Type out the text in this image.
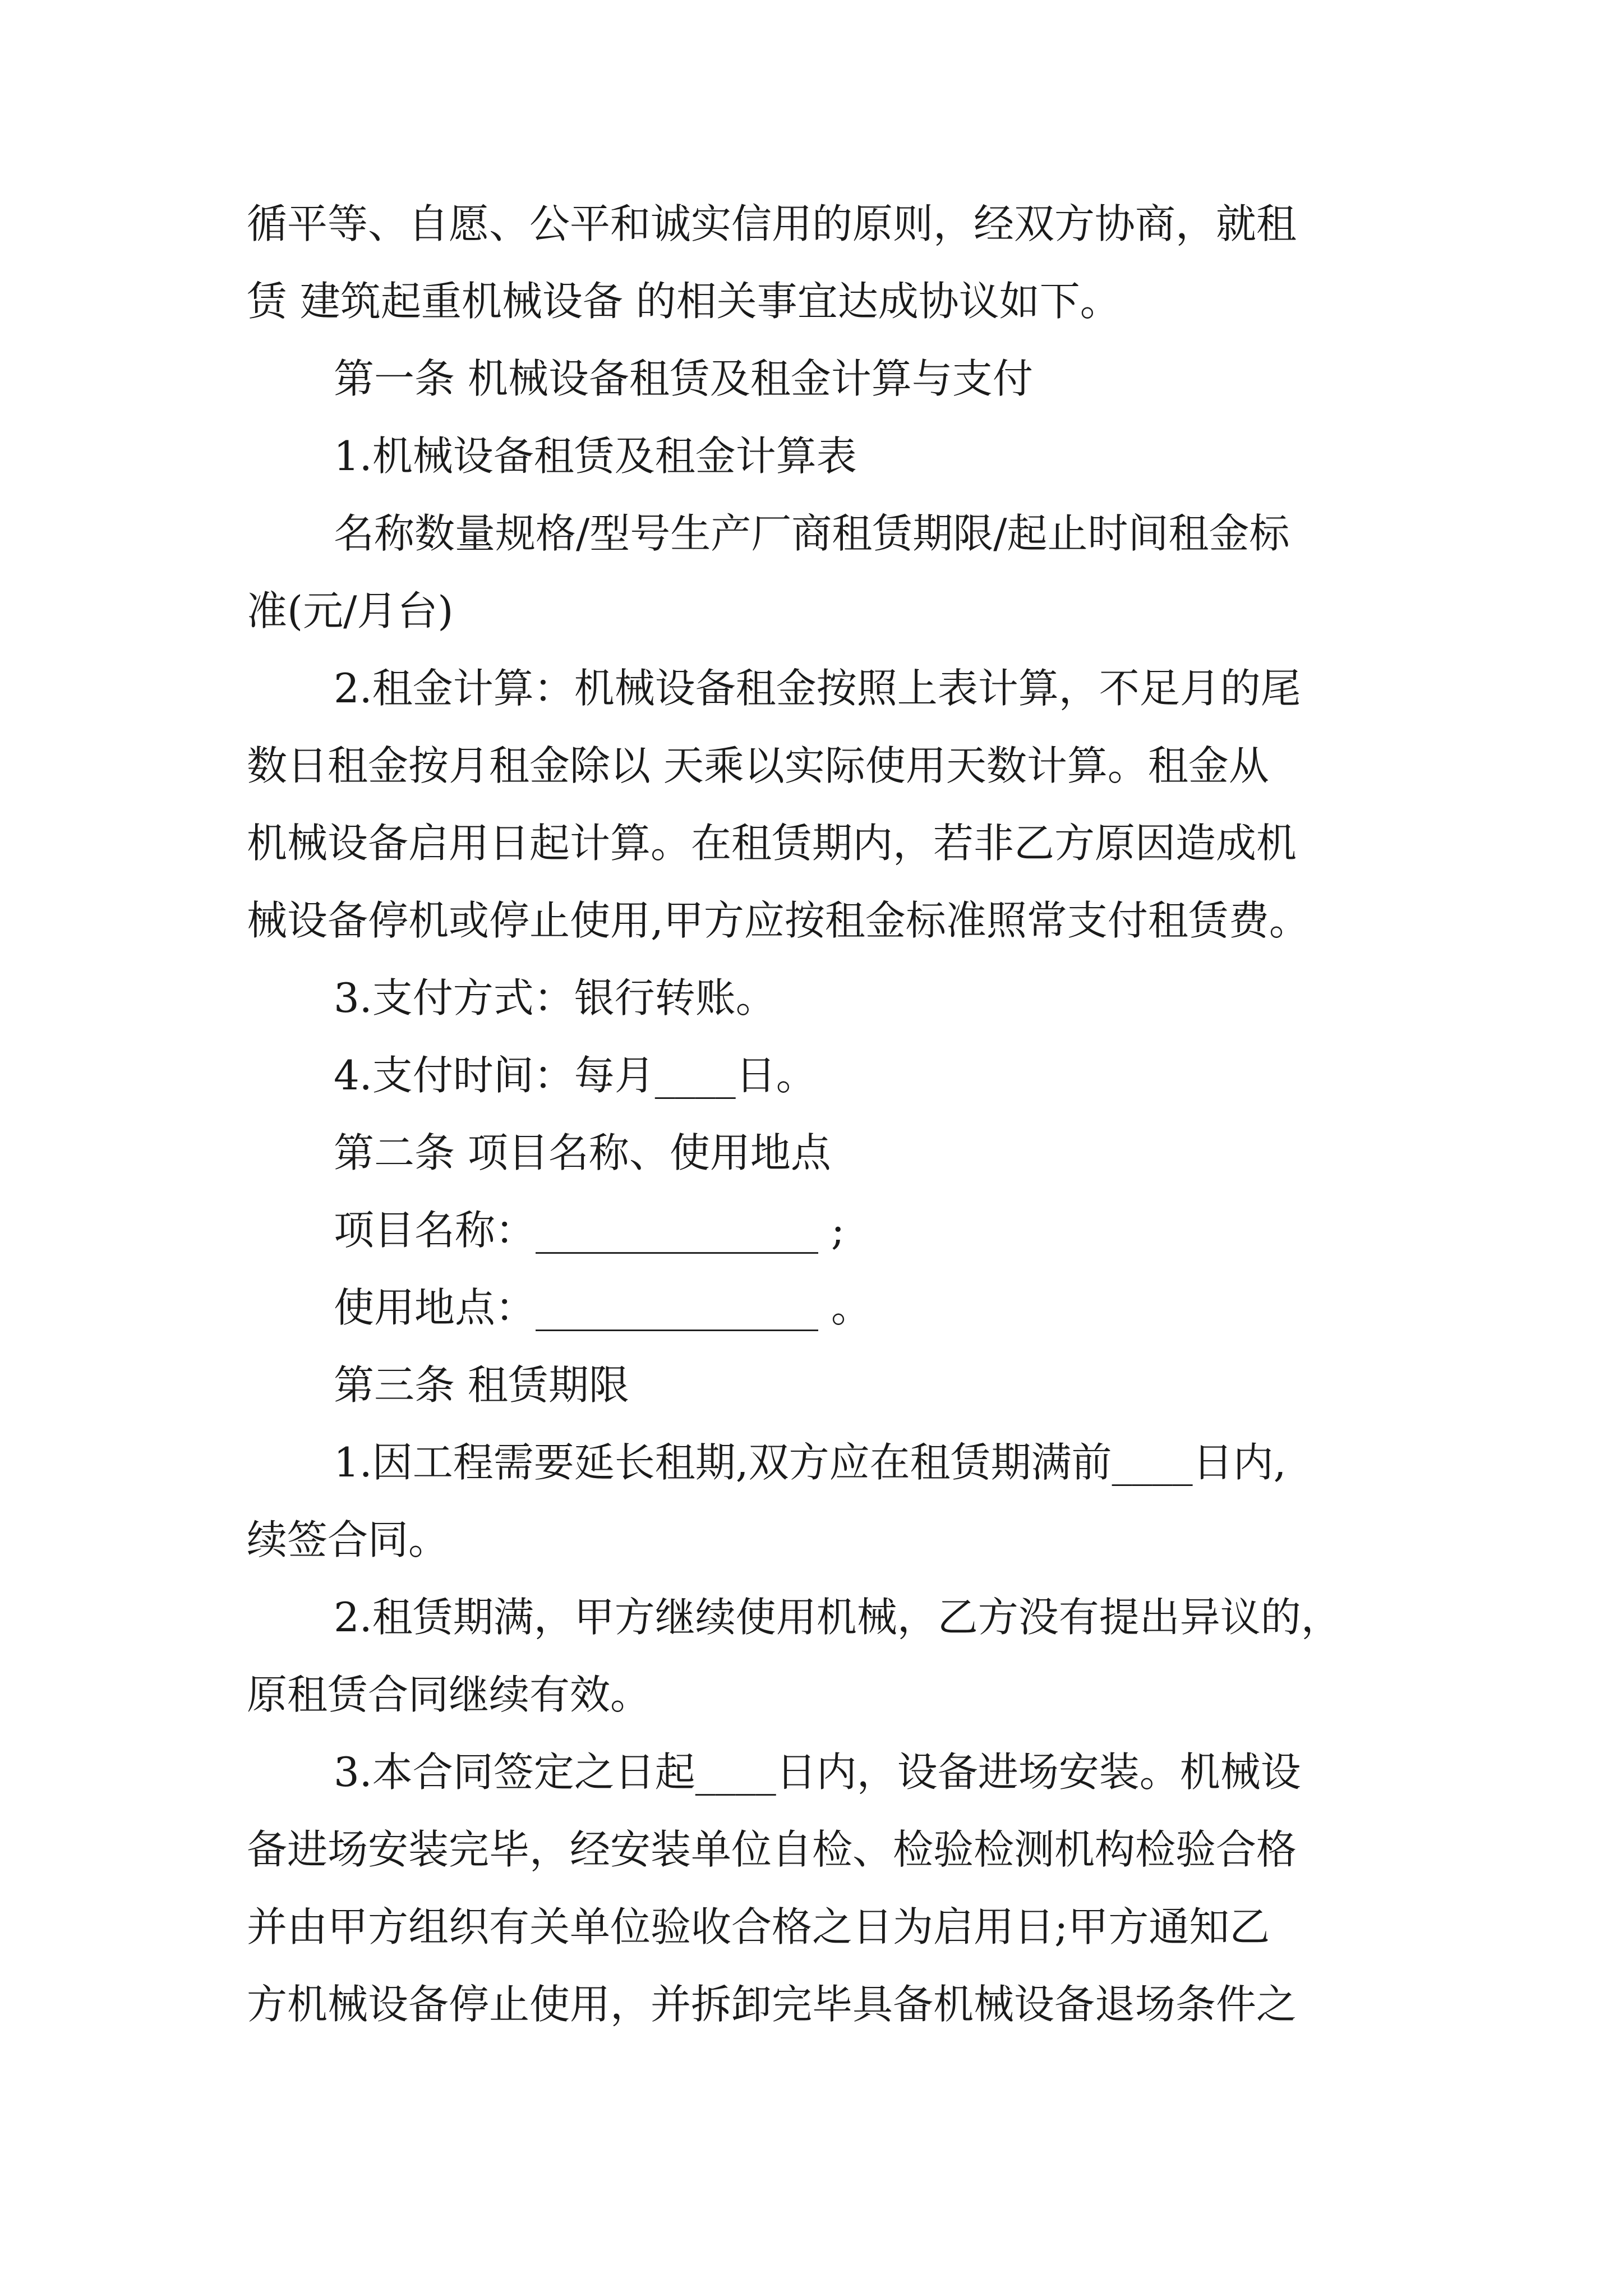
循平等、自愿、公平和诚实信用的原则，经双方协商，就租
赁 建筑起重机械设备 的相关事宜达成协议如下。
第一条 机械设备租赁及租金计算与支付
1.机械设备租赁及租金计算表
名称数量规格/型号生产厂商租赁期限/起止时间租金标
准(元/月台)
2.租金计算：机械设备租金按照上表计算，不足月的尾
数日租金按月租金除以 天乘以实际使用天数计算。租金从
机械设备启用日起计算。在租赁期内，若非乙方原因造成机
械设备停机或停止使用,甲方应按租金标准照常支付租赁费。
3.支付方式：银行转账。
4.支付时间：每月____日。
第二条 项目名称、使用地点
项目名称：______________ ;
使用地点：______________ 。
第三条 租赁期限
1.因工程需要延长租期,双方应在租赁期满前____日内,
续签合同。
2.租赁期满，甲方继续使用机械，乙方没有提出异议的，
原租赁合同继续有效。
3.本合同签定之日起____日内，设备进场安装。机械设
备进场安装完毕，经安装单位自检、检验检测机构检验合格
并由甲方组织有关单位验收合格之日为启用日;甲方通知乙
方机械设备停止使用，并拆卸完毕具备机械设备退场条件之
